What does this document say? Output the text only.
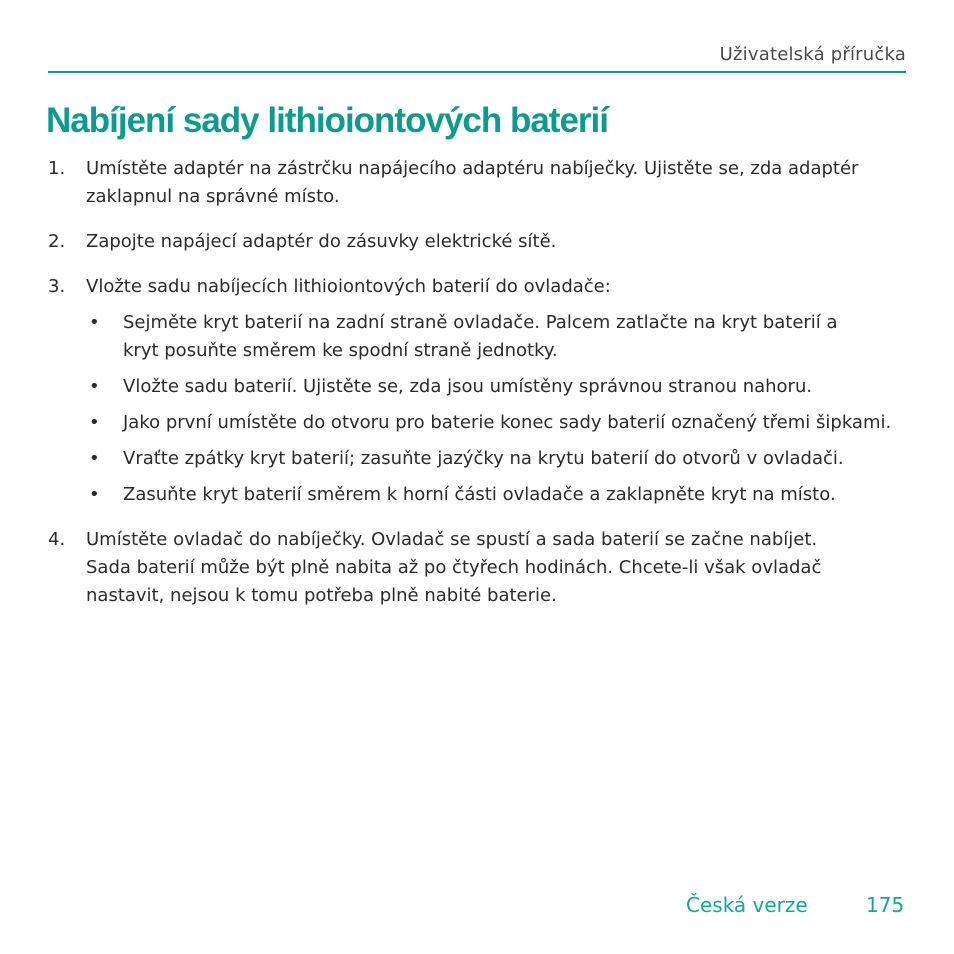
Uživatelská příručka
Nabíjení sady lithioiontových baterií
1. Umístěte adaptér na zástrčku napájecího adaptéru nabíječky. Ujistěte se, zda adaptér zaklapnul na správné místo.
2. Zapojte napájecí adaptér do zásuvky elektrické sítě.
3. Vložte sadu nabíjecích lithioiontových baterií do ovladače:
• Sejměte kryt baterií na zadní straně ovladače. Palcem zatlačte na kryt baterií a kryt posuňte směrem ke spodní straně jednotky.
• Vložte sadu baterií. Ujistěte se, zda jsou umístěny správnou stranou nahoru.
• Jako první umístěte do otvoru pro baterie konec sady baterií označený třemi šipkami.
• Vraťte zpátky kryt baterií; zasuňte jazýčky na krytu baterií do otvorů v ovladači.
• Zasuňte kryt baterií směrem k horní části ovladače a zaklapněte kryt na místo.
4. Umístěte ovladač do nabíječky. Ovladač se spustí a sada baterií se začne nabíjet. Sada baterií může být plně nabita až po čtyřech hodinách. Chcete-li však ovladač nastavit, nejsou k tomu potřeba plně nabité baterie.
Česká verze	175
